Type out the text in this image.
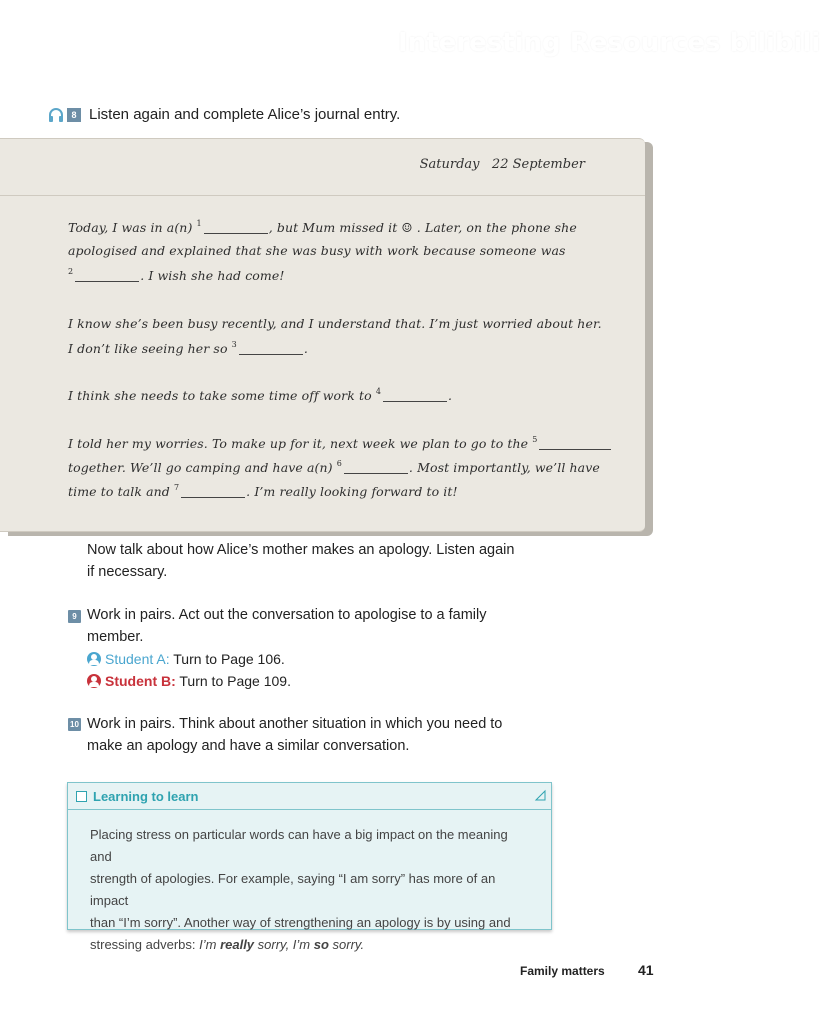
Interesting Resources bilibili
8 Listen again and complete Alice’s journal entry.
Saturday   22 September
Today, I was in a(n) $^1$	, but Mum missed it ☺ . Later, on the phone she
apologised and explained that she was busy with work because someone was
$^2$	. I wish she had come!
I know she’s been busy recently, and I understand that. I’m just worried about her.
I don’t like seeing her so $^3$	.
I think she needs to take some time off work to $^4$	.
I told her my worries. To make up for it, next week we plan to go to the $^5$
together. We’ll go camping and have a(n) $^6$	. Most importantly, we’ll have
time to talk and $^7$	. I’m really looking forward to it!
Now talk about how Alice’s mother makes an apology. Listen again
if necessary.
9 Work in pairs. Act out the conversation to apologise to a family
member.
Student A: Turn to Page 106.
Student B: Turn to Page 109.
10 Work in pairs. Think about another situation in which you need to
make an apology and have a similar conversation.
Learning to learn
Placing stress on particular words can have a big impact on the meaning and
strength of apologies. For example, saying “I am sorry” has more of an impact
than “I’m sorry”. Another way of strengthening an apology is by using and
stressing adverbs: I’m really sorry, I’m so sorry.
Family matters 41
